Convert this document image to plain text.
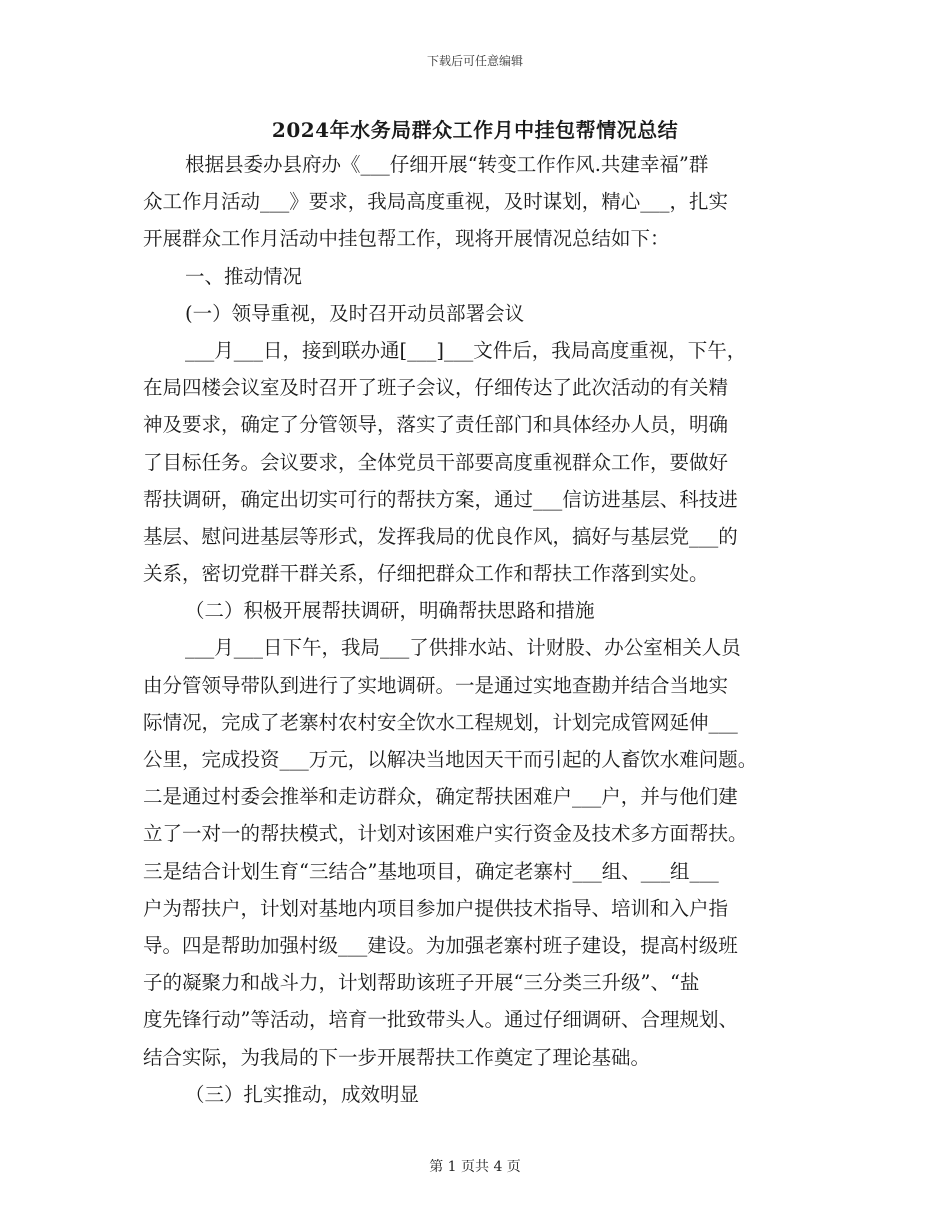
下载后可任意编辑
2024年水务局群众工作月中挂包帮情况总结
根据县委办县府办《___仔细开展“转变工作作风.共建幸福”群
众工作月活动___》要求，我局高度重视，及时谋划，精心___，扎实
开展群众工作月活动中挂包帮工作，现将开展情况总结如下：
一、推动情况
(一）领导重视，及时召开动员部署会议
___月___日，接到联办通[___]___文件后，我局高度重视，下午，
在局四楼会议室及时召开了班子会议，仔细传达了此次活动的有关精
神及要求，确定了分管领导，落实了责任部门和具体经办人员，明确
了目标任务。会议要求，全体党员干部要高度重视群众工作，要做好
帮扶调研，确定出切实可行的帮扶方案，通过___信访进基层、科技进
基层、慰问进基层等形式，发挥我局的优良作风，搞好与基层党___的
关系，密切党群干群关系，仔细把群众工作和帮扶工作落到实处。
（二）积极开展帮扶调研，明确帮扶思路和措施
___月___日下午，我局___了供排水站、计财股、办公室相关人员
由分管领导带队到进行了实地调研。一是通过实地查勘并结合当地实
际情况，完成了老寨村农村安全饮水工程规划，计划完成管网延伸___
公里，完成投资___万元，以解决当地因天干而引起的人畜饮水难问题。
二是通过村委会推举和走访群众，确定帮扶困难户___户，并与他们建
立了一对一的帮扶模式，计划对该困难户实行资金及技术多方面帮扶。
三是结合计划生育“三结合”基地项目，确定老寨村___组、___组___
户为帮扶户，计划对基地内项目参加户提供技术指导、培训和入户指
导。四是帮助加强村级___建设。为加强老寨村班子建设，提高村级班
子的凝聚力和战斗力，计划帮助该班子开展“三分类三升级”、“盐
度先锋行动”等活动，培育一批致带头人。通过仔细调研、合理规划、
结合实际，为我局的下一步开展帮扶工作奠定了理论基础。
（三）扎实推动，成效明显
第 1 页共 4 页
